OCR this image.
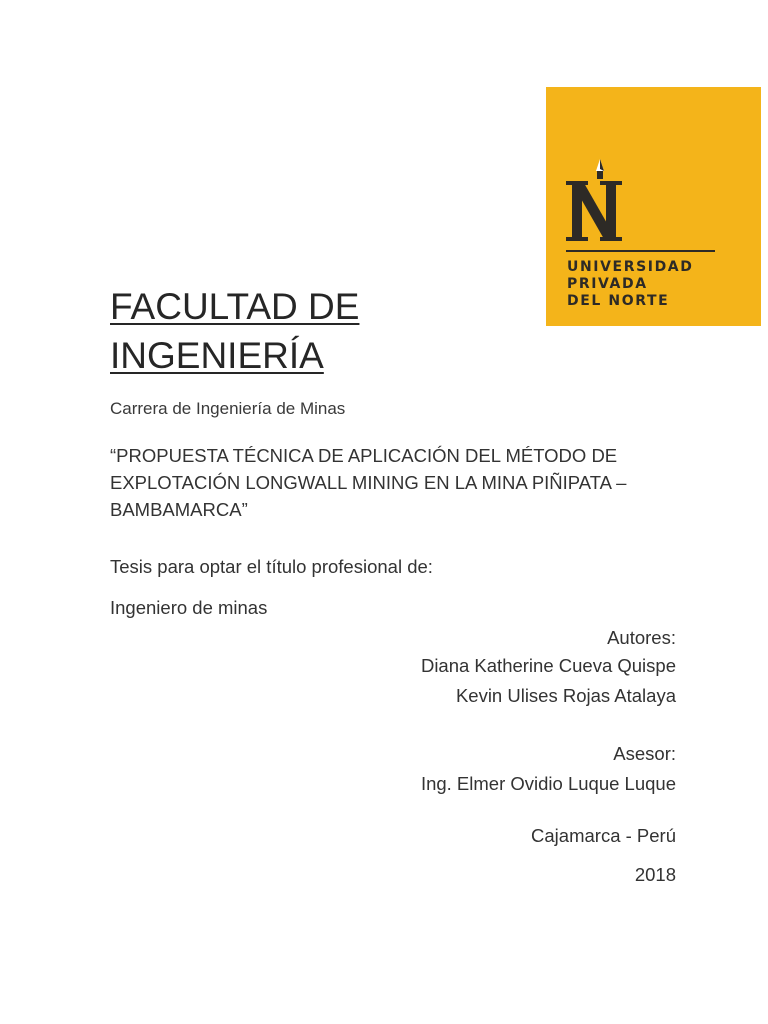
UNIVERSIDAD
PRIVADA
DEL NORTE
FACULTAD DE
INGENIERÍA
Carrera de Ingeniería de Minas
“PROPUESTA TÉCNICA DE APLICACIÓN DEL MÉTODO DE EXPLOTACIÓN LONGWALL MINING EN LA MINA PIÑIPATA – BAMBAMARCA”
Tesis para optar el título profesional de:
Ingeniero de minas
Autores:
Diana Katherine Cueva Quispe
Kevin Ulises Rojas Atalaya
Asesor:
Ing. Elmer Ovidio Luque Luque
Cajamarca - Perú
2018
